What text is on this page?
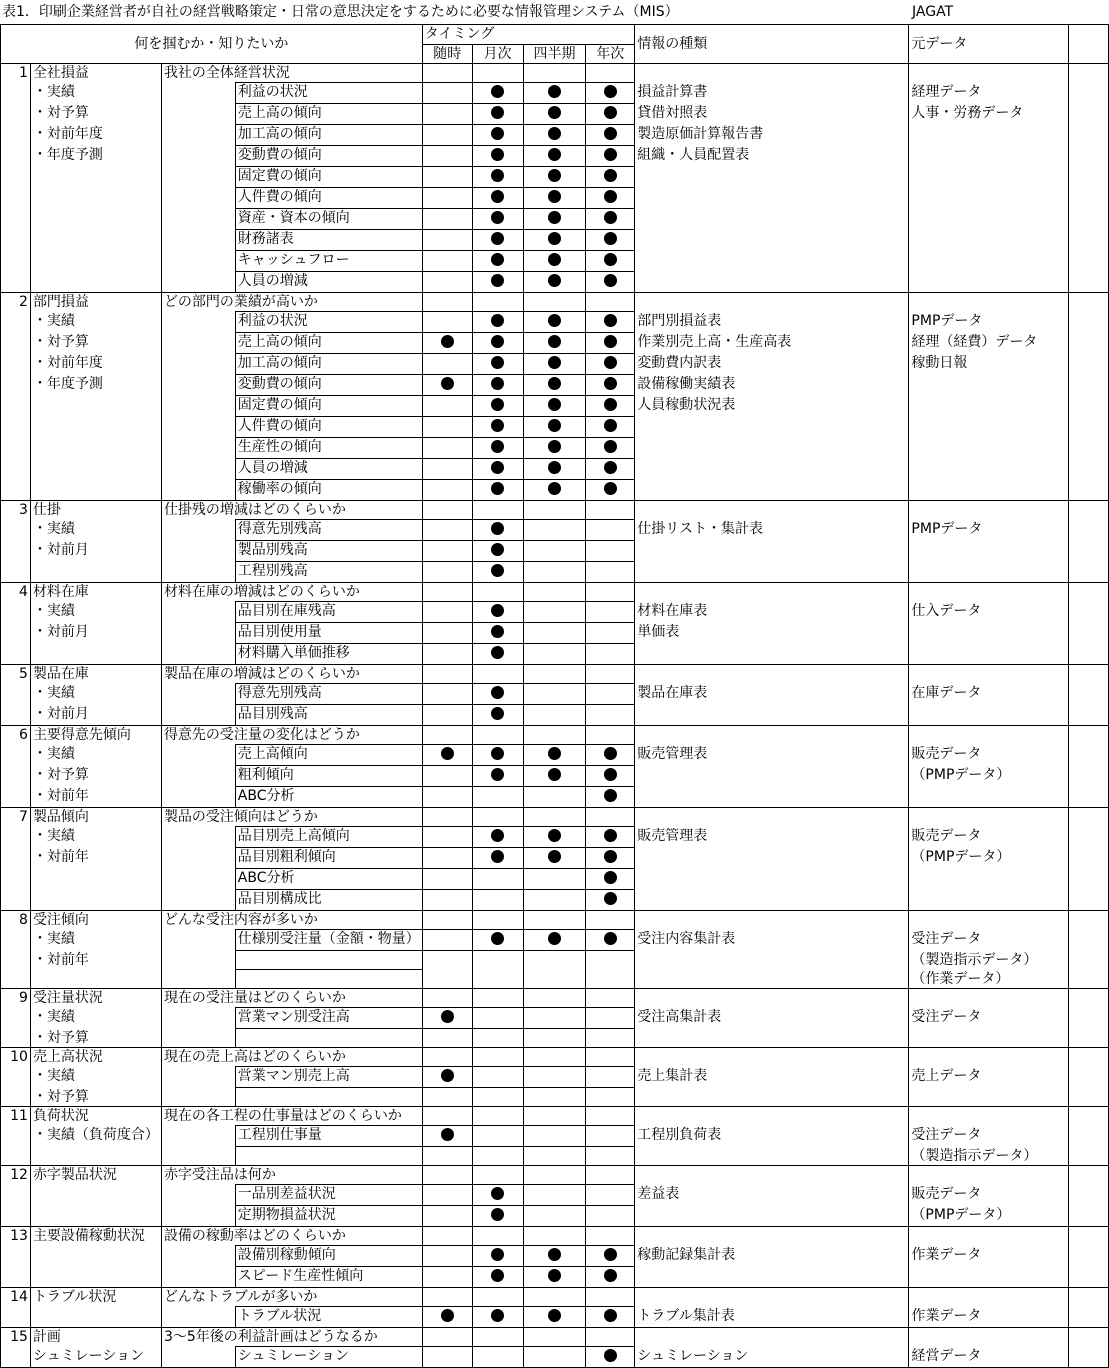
表1．印刷企業経営者が自社の経営戦略策定・日常の意思決定をするために必要な情報管理システム（MIS）	JAGAT
何を掴むか・知りたいか				タイミング				情報の種類	元データ	
				随時	月次	四半期	年次			
1	全社損益	我社の全体経営状況								
	・実績		利益の状況					損益計算書	経理データ	
	・対予算		売上高の傾向					貸借対照表	人事・労務データ	
	・対前年度		加工高の傾向					製造原価計算報告書		
	・年度予測		変動費の傾向					組織・人員配置表		
			固定費の傾向							
			人件費の傾向							
			資産・資本の傾向							
			財務諸表							
			キャッシュフロー							
			人員の増減							
2	部門損益	どの部門の業績が高いか								
	・実績		利益の状況					部門別損益表	PMPデータ	
	・対予算		売上高の傾向					作業別売上高・生産高表	経理（経費）データ	
	・対前年度		加工高の傾向					変動費内訳表	稼動日報	
	・年度予測		変動費の傾向					設備稼働実績表		
			固定費の傾向					人員稼動状況表		
			人件費の傾向							
			生産性の傾向							
			人員の増減							
			稼働率の傾向							
3	仕掛	仕掛残の増減はどのくらいか								
	・実績		得意先別残高					仕掛リスト・集計表	PMPデータ	
	・対前月		製品別残高							
			工程別残高							
4	材料在庫	材料在庫の増減はどのくらいか								
	・実績		品目別在庫残高					材料在庫表	仕入データ	
	・対前月		品目別使用量					単価表		
			材料購入単価推移							
5	製品在庫	製品在庫の増減はどのくらいか								
	・実績		得意先別残高					製品在庫表	在庫データ	
	・対前月		品目別残高							
6	主要得意先傾向	得意先の受注量の変化はどうか								
	・実績		売上高傾向					販売管理表	販売データ	
	・対予算		粗利傾向						（PMPデータ）	
	・対前年		ABC分析							
7	製品傾向	製品の受注傾向はどうか								
	・実績		品目別売上高傾向					販売管理表	販売データ	
	・対前年		品目別粗利傾向						（PMPデータ）	
			ABC分析							
			品目別構成比							
8	受注傾向	どんな受注内容が多いか								
	・実績		仕様別受注量（金額・物量）					受注内容集計表	受注データ	
	・対前年								（製造指示データ）	
									（作業データ）	
9	受注量状況	現在の受注量はどのくらいか								
	・実績		営業マン別受注高					受注高集計表	受注データ	
	・対予算									
10	売上高状況	現在の売上高はどのくらいか								
	・実績		営業マン別売上高					売上集計表	売上データ	
	・対予算									
11	負荷状況	現在の各工程の仕事量はどのくらいか								
	・実績（負荷度合）		工程別仕事量					工程別負荷表	受注データ	
									（製造指示データ）	
12	赤字製品状況	赤字受注品は何か								
			一品別差益状況					差益表	販売データ	
			定期物損益状況						（PMPデータ）	
13	主要設備稼動状況	設備の稼動率はどのくらいか								
			設備別稼動傾向					稼動記録集計表	作業データ	
			スピード生産性傾向							
14	トラブル状況	どんなトラブルが多いか								
			トラブル状況					トラブル集計表	作業データ	
15	計画	3〜5年後の利益計画はどうなるか								
	シュミレーション		シュミレーション					シュミレーション	経営データ	
